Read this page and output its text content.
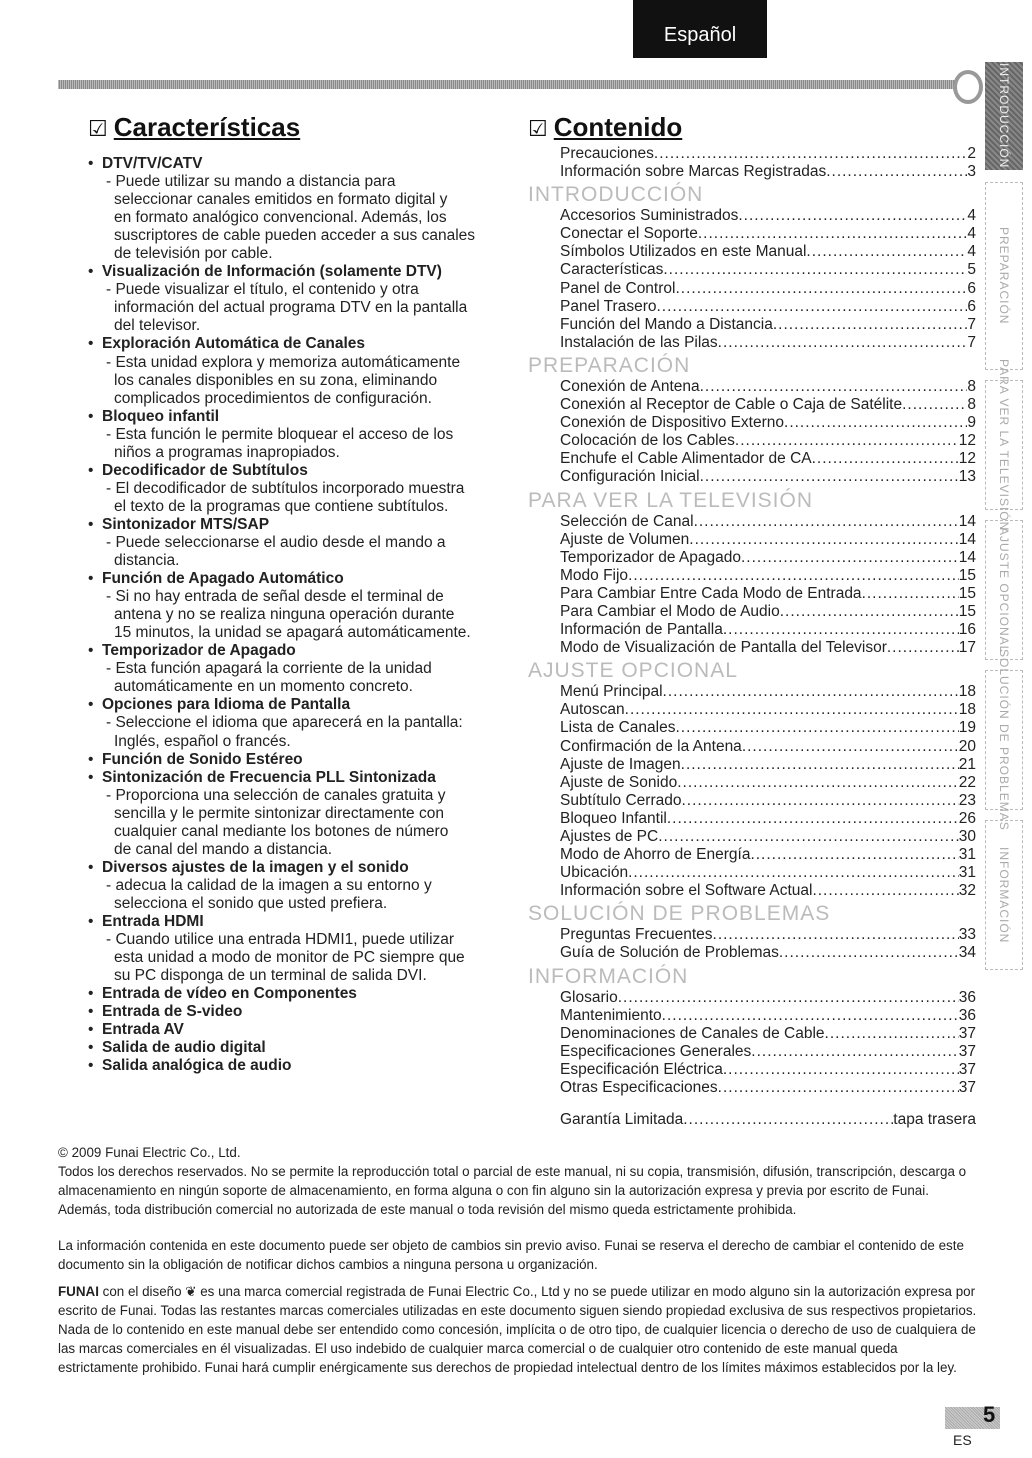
Español
☑ Características
• DTV/TV/CATV
- Puede utilizar su mando a distancia para
seleccionar canales emitidos en formato digital y
en formato analógico convencional. Además, los
suscriptores de cable pueden acceder a sus canales
de televisión por cable.
• Visualización de Información (solamente DTV)
- Puede visualizar el título, el contenido y otra
información del actual programa DTV en la pantalla
del televisor.
• Exploración Automática de Canales
- Esta unidad explora y memoriza automáticamente
los canales disponibles en su zona, eliminando
complicados procedimientos de configuración.
• Bloqueo infantil
- Esta función le permite bloquear el acceso de los
niños a programas inapropiados.
• Decodificador de Subtítulos
- El decodificador de subtítulos incorporado muestra
el texto de la programas que contiene subtítulos.
• Sintonizador MTS/SAP
- Puede seleccionarse el audio desde el mando a
distancia.
• Función de Apagado Automático
- Si no hay entrada de señal desde el terminal de
antena y no se realiza ninguna operación durante
15 minutos, la unidad se apagará automáticamente.
• Temporizador de Apagado
- Esta función apagará la corriente de la unidad
automáticamente en un momento concreto.
• Opciones para Idioma de Pantalla
- Seleccione el idioma que aparecerá en la pantalla:
Inglés, español o francés.
• Función de Sonido Estéreo
• Sintonización de Frecuencia PLL Sintonizada
- Proporciona una selección de canales gratuita y
sencilla y le permite sintonizar directamente con
cualquier canal mediante los botones de número
de canal del mando a distancia.
• Diversos ajustes de la imagen y el sonido
- adecua la calidad de la imagen a su entorno y
selecciona el sonido que usted prefiera.
• Entrada HDMI
- Cuando utilice una entrada HDMI1, puede utilizar
esta unidad a modo de monitor de PC siempre que
su PC disponga de un terminal de salida DVI.
• Entrada de vídeo en Componentes
• Entrada de S-video
• Entrada AV
• Salida de audio digital
• Salida analógica de audio
☑ Contenido
Precauciones .....	2
Información sobre Marcas Registradas .....	3
INTRODUCCIÓN
Accesorios Suministrados .....	4
Conectar el Soporte .....	4
Símbolos Utilizados en este Manual .....	4
Características .....	5
Panel de Control .....	6
Panel Trasero .....	6
Función del Mando a Distancia .....	7
Instalación de las Pilas .....	7
PREPARACIÓN
Conexión de Antena .....	8
Conexión al Receptor de Cable o Caja de Satélite .....	8
Conexión de Dispositivo Externo .....	9
Colocación de los Cables .....	12
Enchufe el Cable Alimentador de CA .....	12
Configuración Inicial .....	13
PARA VER LA TELEVISIÓN
Selección de Canal .....	14
Ajuste de Volumen .....	14
Temporizador de Apagado .....	14
Modo Fijo .....	15
Para Cambiar Entre Cada Modo de Entrada .....	15
Para Cambiar el Modo de Audio .....	15
Información de Pantalla .....	16
Modo de Visualización de Pantalla del Televisor .....	17
AJUSTE OPCIONAL
Menú Principal .....	18
Autoscan .....	18
Lista de Canales .....	19
Confirmación de la Antena .....	20
Ajuste de Imagen .....	21
Ajuste de Sonido .....	22
Subtítulo Cerrado .....	23
Bloqueo Infantil .....	26
Ajustes de PC .....	30
Modo de Ahorro de Energía .....	31
Ubicación .....	31
Información sobre el Software Actual .....	32
SOLUCIÓN DE PROBLEMAS
Preguntas Frecuentes .....	33
Guía de Solución de Problemas .....	34
INFORMACIÓN
Glosario .....	36
Mantenimiento .....	36
Denominaciones de Canales de Cable .....	37
Especificaciones Generales .....	37
Especificación Eléctrica .....	37
Otras Especificaciones .....	37
Garantía Limitada .....	tapa trasera
INTRODUCCIÓN
PREPARACIÓN
PARA VER LA TELEVISIÓN
AJUSTE OPCIONAL
SOLUCIÓN DE PROBLEMAS
INFORMACIÓN

© 2009 Funai Electric Co., Ltd.

Todos los derechos reservados. No se permite la reproducción total o parcial de este manual, ni su copia, transmisión, difusión, transcripción, descarga o almacenamiento en ningún soporte de almacenamiento, en forma alguna o con fin alguno sin la autorización expresa y previa por escrito de Funai.

Además, toda distribución comercial no autorizada de este manual o toda revisión del mismo queda estrictamente prohibida.

La información contenida en este documento puede ser objeto de cambios sin previo aviso. Funai se reserva el derecho de cambiar el contenido de este documento sin la obligación de notificar dichos cambios a ninguna persona u organización.

FUNAI con el diseño ❦ es una marca comercial registrada de Funai Electric Co., Ltd y no se puede utilizar en modo alguno sin la autorización expresa por escrito de Funai. Todas las restantes marcas comerciales utilizadas en este documento siguen siendo propiedad exclusiva de sus respectivos propietarios. Nada de lo contenido en este manual debe ser entendido como concesión, implícita o de otro tipo, de cualquier licencia o derecho de uso de cualquiera de las marcas comerciales en él visualizadas. El uso indebido de cualquier marca comercial o de cualquier otro contenido de este manual queda estrictamente prohibido. Funai hará cumplir enérgicamente sus derechos de propiedad intelectual dentro de los límites máximos establecidos por la ley.

5
ES
